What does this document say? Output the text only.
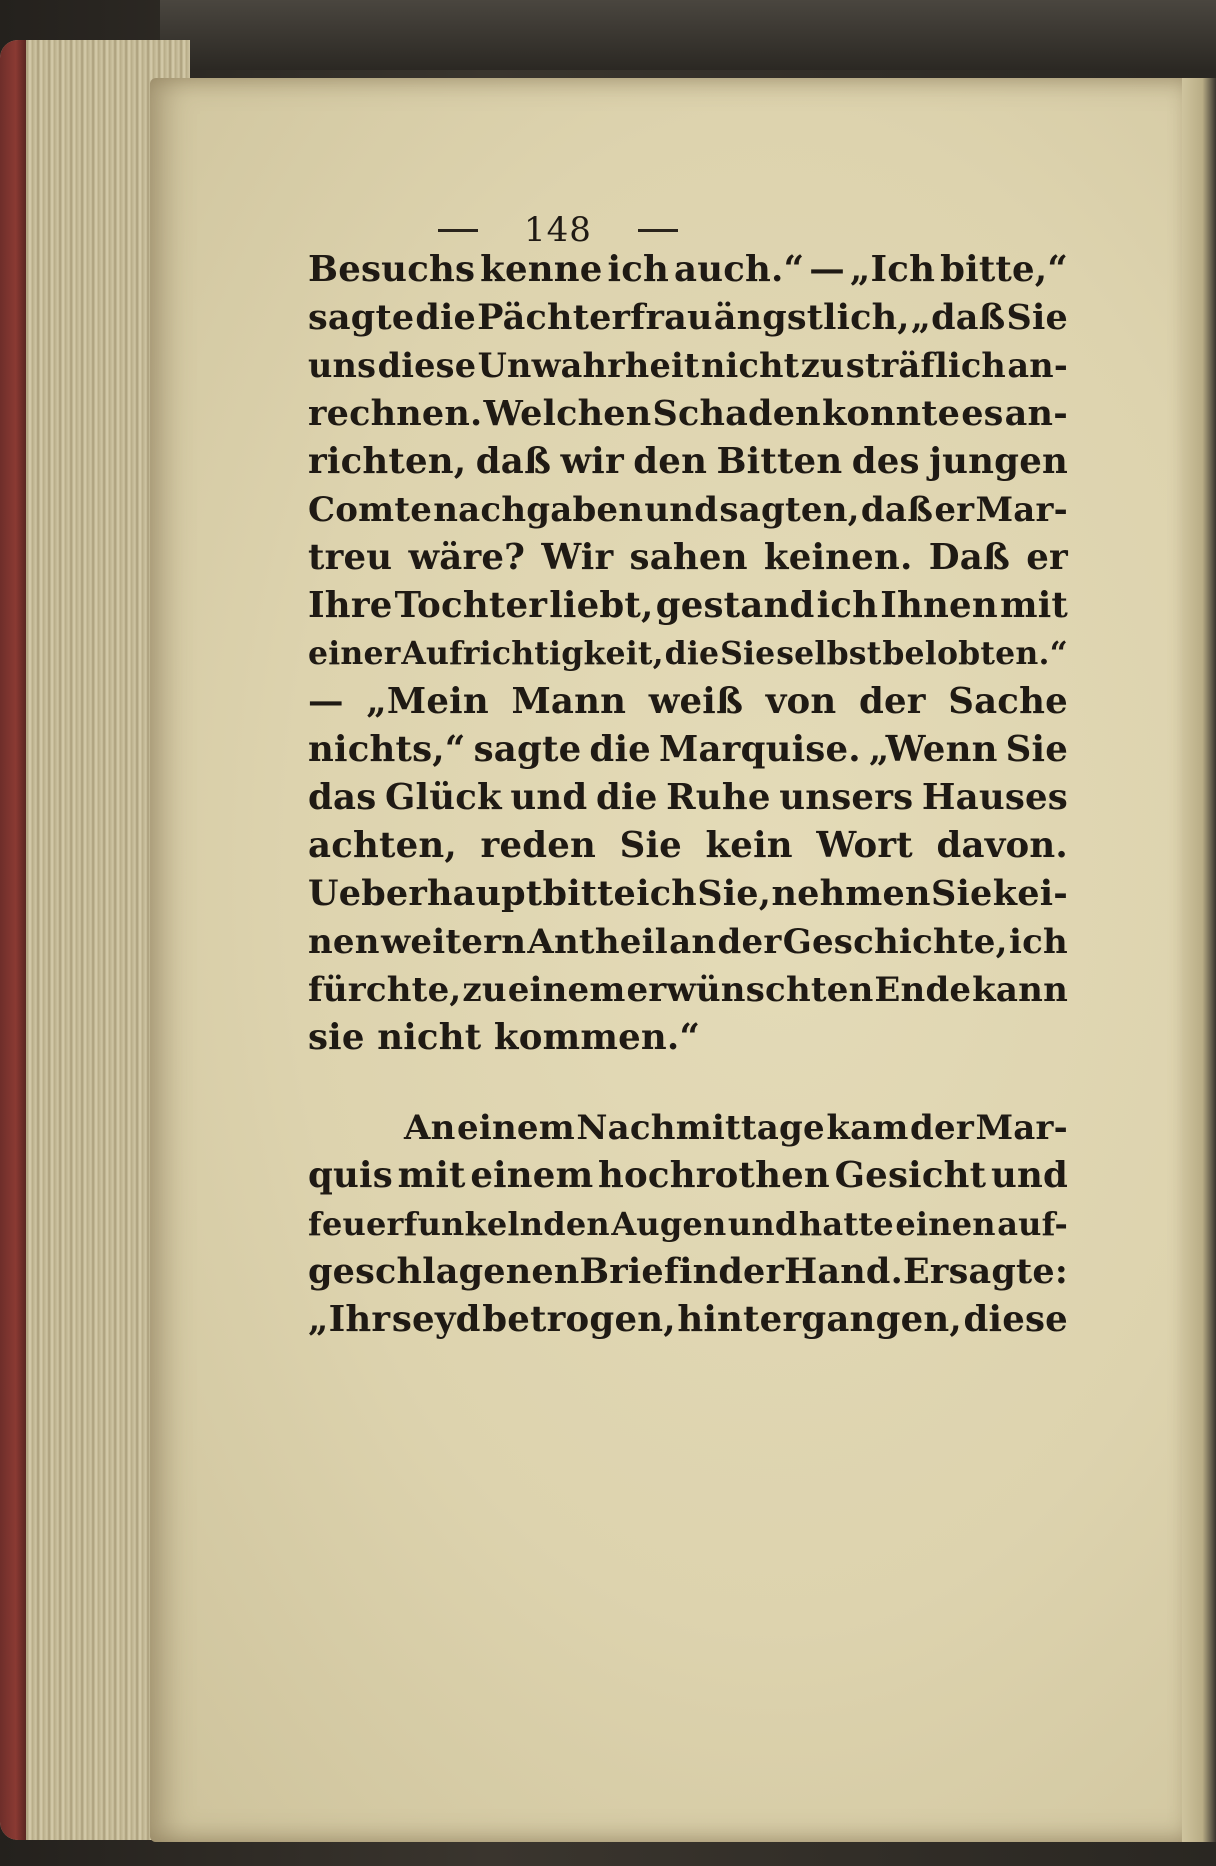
148
Besuchs kenne ich auch.“ — „Ich bitte,“
sagte die Pächterfrau ängstlich, „daß Sie
uns diese Unwahrheit nicht zu sträflich an-
rechnen. Welchen Schaden konnte es an-
richten, daß wir den Bitten des jungen
Comte nachgaben und sagten, daß er Mar-
treu wäre? Wir sahen keinen. Daß er
Ihre Tochter liebt, gestand ich Ihnen mit
einer Aufrichtigkeit, die Sie selbst belobten.“
— „Mein Mann weiß von der Sache
nichts,“ sagte die Marquise. „Wenn Sie
das Glück und die Ruhe unsers Hauses
achten, reden Sie kein Wort davon.
Ueberhaupt bitte ich Sie, nehmen Sie kei-
nen weitern Antheil an der Geschichte, ich
fürchte, zu einem erwünschten Ende kann
sie nicht kommen.“
An einem Nachmittage kam der Mar-
quis mit einem hochrothen Gesicht und
feuerfunkelnden Augen und hatte einen auf-
geschlagenen Brief in der Hand. Er sagte:
„Ihr seyd betrogen, hintergangen, diese
